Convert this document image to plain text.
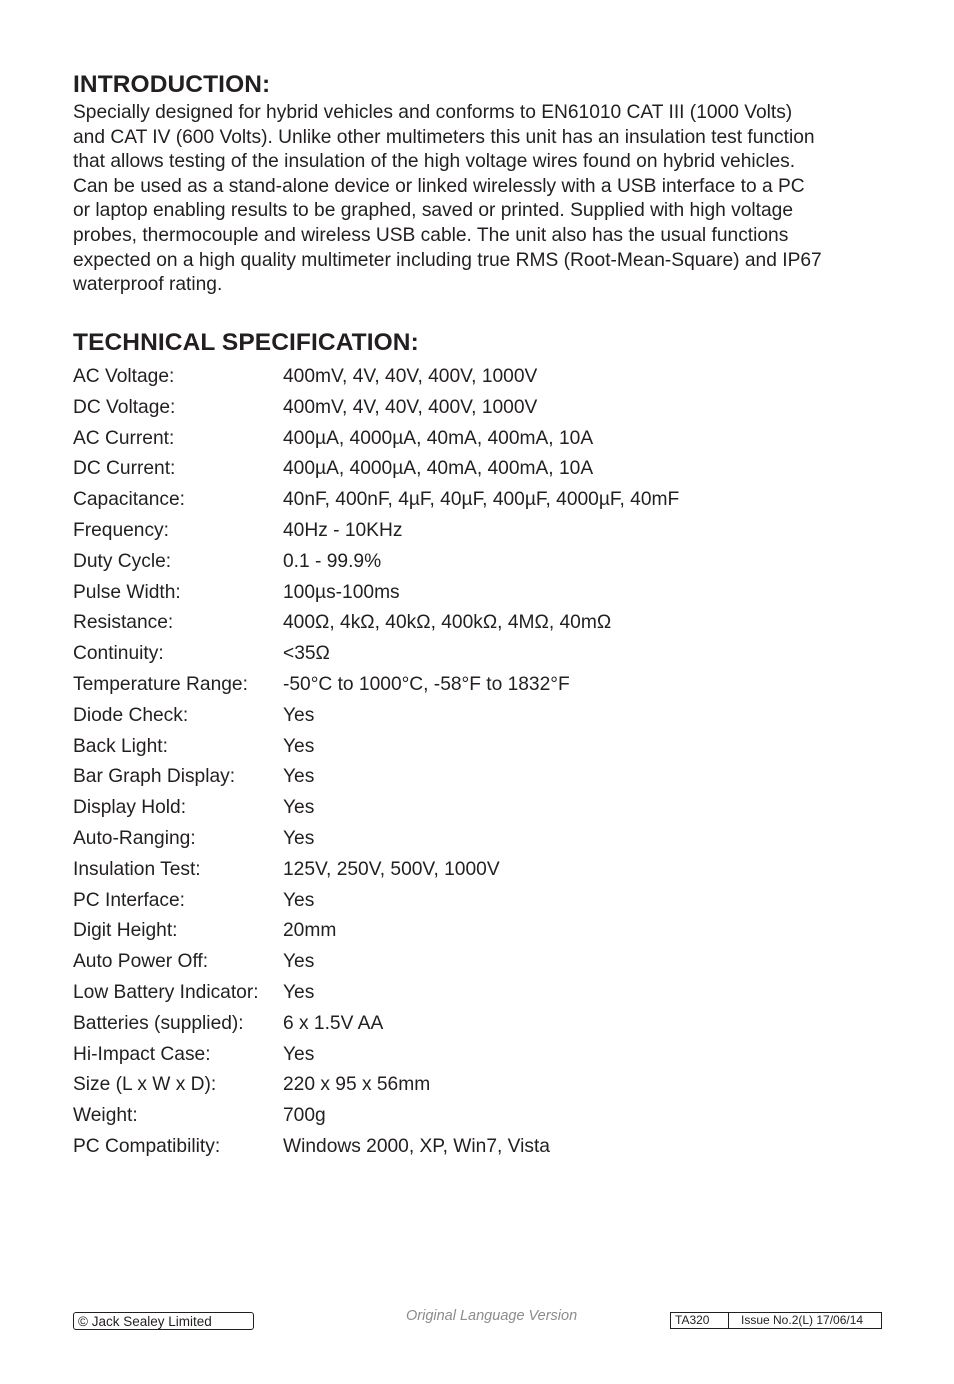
INTRODUCTION:
Specially designed for hybrid vehicles and conforms to EN61010 CAT III (1000 Volts)
and CAT IV (600 Volts). Unlike other multimeters this unit has an insulation test function
that allows testing of the insulation of the high voltage wires found on hybrid vehicles.
Can be used as a stand-alone device or linked wirelessly with a USB interface to a PC
or laptop enabling results to be graphed, saved or printed. Supplied with high voltage
probes, thermocouple and wireless USB cable. The unit also has the usual functions
expected on a high quality multimeter including true RMS (Root-Mean-Square) and IP67
waterproof rating.
TECHNICAL SPECIFICATION:
AC Voltage:	400mV, 4V, 40V, 400V, 1000V
DC Voltage:	400mV, 4V, 40V, 400V, 1000V
AC Current:	400µA, 4000µA, 40mA, 400mA, 10A
DC Current:	400µA, 4000µA, 40mA, 400mA, 10A
Capacitance:	40nF, 400nF, 4µF, 40µF, 400µF, 4000µF, 40mF
Frequency:	40Hz - 10KHz
Duty Cycle:	0.1 - 99.9%
Pulse Width:	100µs-100ms
Resistance:	400Ω, 4kΩ, 40kΩ, 400kΩ, 4MΩ, 40mΩ
Continuity:	<35Ω
Temperature Range: -50°C to 1000°C, -58°F to 1832°F
Diode Check:	Yes
Back Light:	Yes
Bar Graph Display: Yes
Display Hold:	Yes
Auto-Ranging:	Yes
Insulation Test:	125V, 250V, 500V, 1000V
PC Interface:	Yes
Digit Height:	20mm
Auto Power Off:	Yes
Low Battery Indicator: Yes
Batteries (supplied): 6 x 1.5V AA
Hi-Impact Case:	Yes
Size (L x W x D):	220 x 95 x 56mm
Weight:	700g
PC Compatibility:	Windows 2000, XP, Win7, Vista
© Jack Sealey Limited	Original Language Version	TA320	Issue No.2(L) 17/06/14
